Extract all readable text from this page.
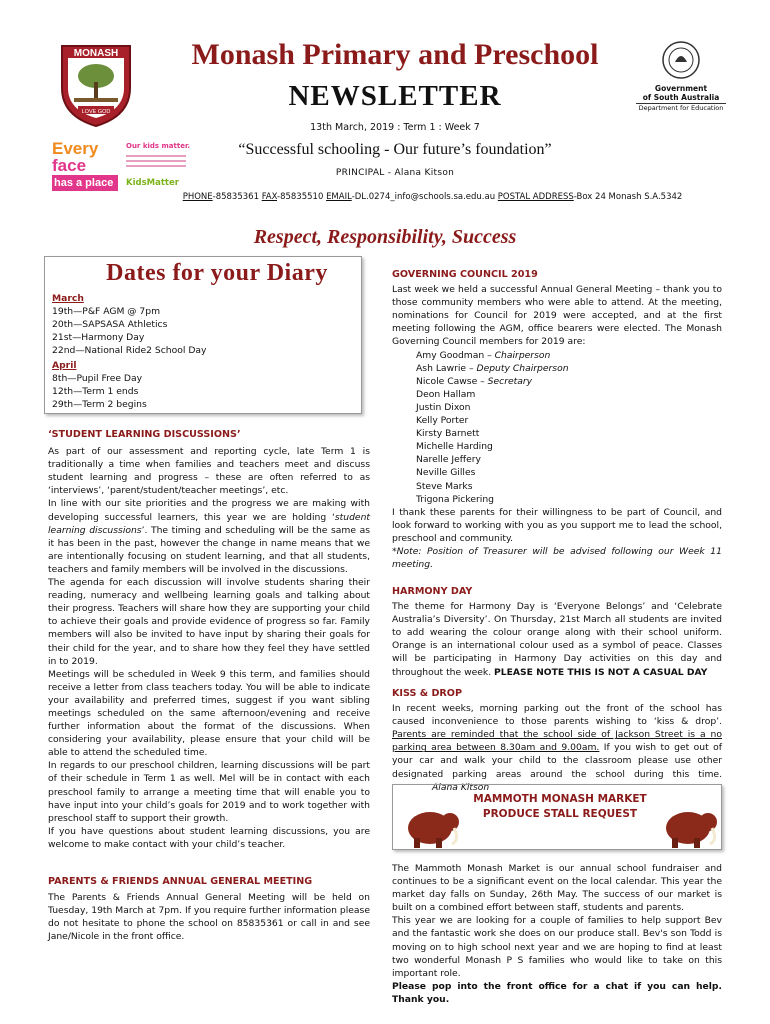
MONASH
LOVE GOD
Monash Primary and Preschool
NEWSLETTER
13th March, 2019 : Term 1 : Week 7
Government
of South Australia
Department for Education
Every
face
has a place
Our kids matter.
KidsMatter
“Successful schooling - Our future’s foundation”
PRINCIPAL - Alana Kitson
PHONE-85835361 FAX-85835510 EMAIL-DL.0274_info@schools.sa.edu.au POSTAL ADDRESS-Box 24 Monash S.A.5342
Respect, Responsibility, Success
Dates for your Diary
March
19th—P&F AGM @ 7pm
20th—SAPSASA Athletics
21st—Harmony Day
22nd—National Ride2 School Day
April
8th—Pupil Free Day
12th—Term 1 ends
29th—Term 2 begins
‘STUDENT LEARNING DISCUSSIONS’
As part of our assessment and reporting cycle, late Term 1 is traditionally a time when families and teachers meet and discuss student learning and progress – these are often referred to as ‘interviews’, ‘parent/student/teacher meetings’, etc.
In line with our site priorities and the progress we are making with developing successful learners, this year we are holding ‘student learning discussions’. The timing and scheduling will be the same as it has been in the past, however the change in name means that we are intentionally focusing on student learning, and that all students, teachers and family members will be involved in the discussions.
The agenda for each discussion will involve students sharing their reading, numeracy and wellbeing learning goals and talking about their progress. Teachers will share how they are supporting your child to achieve their goals and provide evidence of progress so far. Family members will also be invited to have input by sharing their goals for their child for the year, and to share how they feel they have settled in to 2019.
Meetings will be scheduled in Week 9 this term, and families should receive a letter from class teachers today. You will be able to indicate your availability and preferred times, suggest if you want sibling meetings scheduled on the same afternoon/evening and receive further information about the format of the discussions. When considering your availability, please ensure that your child will be able to attend the scheduled time.
In regards to our preschool children, learning discussions will be part of their schedule in Term 1 as well. Mel will be in contact with each preschool family to arrange a meeting time that will enable you to have input into your child’s goals for 2019 and to work together with preschool staff to support their growth.
If you have questions about student learning discussions, you are welcome to make contact with your child’s teacher.
PARENTS & FRIENDS ANNUAL GENERAL MEETING
The Parents & Friends Annual General Meeting will be held on Tuesday, 19th March at 7pm. If you require further information please do not hesitate to phone the school on 85835361 or call in and see Jane/Nicole in the front office.
GOVERNING COUNCIL 2019
Last week we held a successful Annual General Meeting – thank you to those community members who were able to attend. At the meeting, nominations for Council for 2019 were accepted, and at the first meeting following the AGM, office bearers were elected. The Monash Governing Council members for 2019 are:
Amy Goodman – Chairperson
Ash Lawrie – Deputy Chairperson
Nicole Cawse – Secretary
Deon Hallam
Justin Dixon
Kelly Porter
Kirsty Barnett
Michelle Harding
Narelle Jeffery
Neville Gilles
Steve Marks
Trigona Pickering
I thank these parents for their willingness to be part of Council, and look forward to working with you as you support me to lead the school, preschool and community.
*Note: Position of Treasurer will be advised following our Week 11 meeting.
HARMONY DAY
The theme for Harmony Day is ‘Everyone Belongs’ and ‘Celebrate Australia’s Diversity’. On Thursday, 21st March all students are invited to add wearing the colour orange along with their school uniform. Orange is an international colour used as a symbol of peace. Classes will be participating in Harmony Day activities on this day and throughout the week. PLEASE NOTE THIS IS NOT A CASUAL DAY
KISS & DROP
In recent weeks, morning parking out the front of the school has caused inconvenience to those parents wishing to ‘kiss & drop’. Parents are reminded that the school side of Jackson Street is a no parking area between 8.30am and 9.00am. If you wish to get out of your car and walk your child to the classroom please use other designated parking areas around the school during this time.Alana Kitson
MAMMOTH MONASH MARKET
PRODUCE STALL REQUEST
The Mammoth Monash Market is our annual school fundraiser and continues to be a significant event on the local calendar. This year the market day falls on Sunday, 26th May. The success of our market is built on a combined effort between staff, students and parents.
This year we are looking for a couple of families to help support Bev and the fantastic work she does on our produce stall. Bev's son Todd is moving on to high school next year and we are hoping to find at least two wonderful Monash P S families who would like to take on this important role.
Please pop into the front office for a chat if you can help. Thank you.
